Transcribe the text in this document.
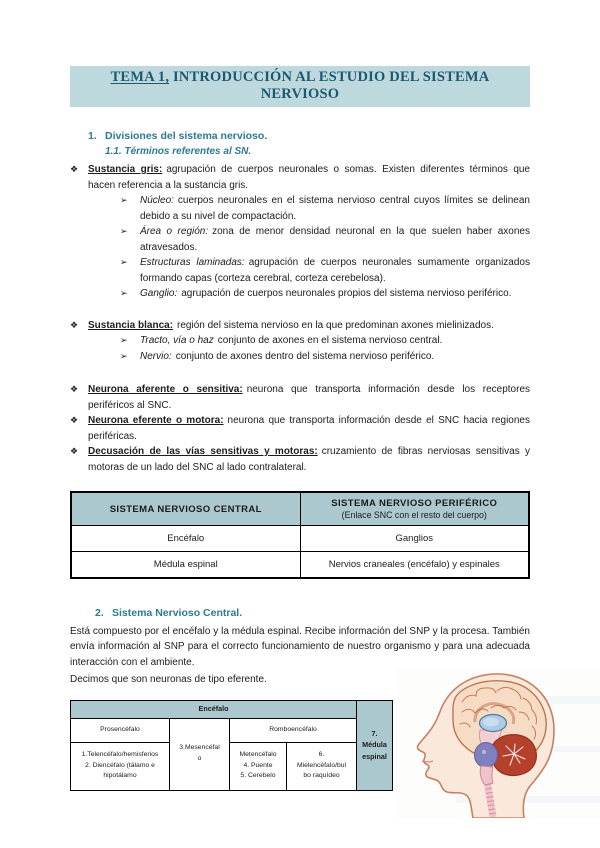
TEMA 1, INTRODUCCIÓN AL ESTUDIO DEL SISTEMA NERVIOSO
1. Divisiones del sistema nervioso.
1.1. Términos referentes al SN.
❖ Sustancia gris: agrupación de cuerpos neuronales o somas. Existen diferentes términos que hacen referencia a la sustancia gris.
➢ Núcleo: cuerpos neuronales en el sistema nervioso central cuyos límites se delinean debido a su nivel de compactación.
➢ Área o región: zona de menor densidad neuronal en la que suelen haber axones atravesados.
➢ Estructuras laminadas: agrupación de cuerpos neuronales sumamente organizados formando capas (corteza cerebral, corteza cerebelosa).
➢ Ganglio: agrupación de cuerpos neuronales propios del sistema nervioso periférico.
❖ Sustancia blanca: región del sistema nervioso en la que predominan axones mielinizados.
➢ Tracto, vía o haz conjunto de axones en el sistema nervioso central.
➢ Nervio: conjunto de axones dentro del sistema nervioso periférico.
❖ Neurona aferente o sensitiva: neurona que transporta información desde los receptores periféricos al SNC.
❖ Neurona eferente o motora: neurona que transporta información desde el SNC hacia regiones periféricas.
❖ Decusación de las vías sensitivas y motoras: cruzamiento de fibras nerviosas sensitivas y motoras de un lado del SNC al lado contralateral.
SISTEMA NERVIOSO CENTRAL	SISTEMA NERVIOSO PERIFÉRICO
(Enlace SNC con el resto del cuerpo)

Encéfalo	Ganglios
Médula espinal	Nervios craneales (encéfalo) y espinales
2. Sistema Nervioso Central.
Está compuesto por el encéfalo y la médula espinal. Recibe información del SNP y la procesa. También envía información al SNP para el correcto funcionamiento de nuestro organismo y para una adecuada interacción con el ambiente.
Decimos que son neuronas de tipo eferente.
Encéfalo				7.
Médula
espinal
Prosencéfalo	3.Mesencéfal
o	Romboencéfalo		
1.Telencéfalo/hemisferios
2. Diencéfalo (tálamo e
hipotálamo		Metencéfalo
4. Puente
5. Cerebelo	6.
Mielencéfalo/bul
bo raquídeo	
